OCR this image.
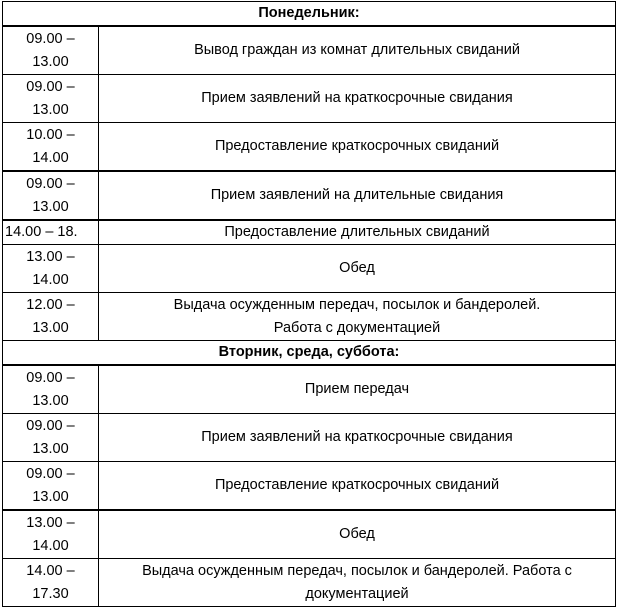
Понедельник:	
09.00 –
13.00	Вывод граждан из комнат длительных свиданий
09.00 –
13.00	Прием заявлений на краткосрочные свидания
10.00 –
14.00	Предоставление краткосрочных свиданий
09.00 –
13.00	Прием заявлений на длительные свидания
14.00 – 18.	Предоставление длительных свиданий
13.00 –
14.00	Обед
12.00 –
13.00	Выдача осужденным передач, посылок и бандеролей.
Работа с документацией
Вторник, среда, суббота:	
09.00 –
13.00	Прием передач
09.00 –
13.00	Прием заявлений на краткосрочные свидания
09.00 –
13.00	Предоставление краткосрочных свиданий
13.00 –
14.00	Обед
14.00 –
17.30	Выдача осужденным передач, посылок и бандеролей. Работа с
документацией
